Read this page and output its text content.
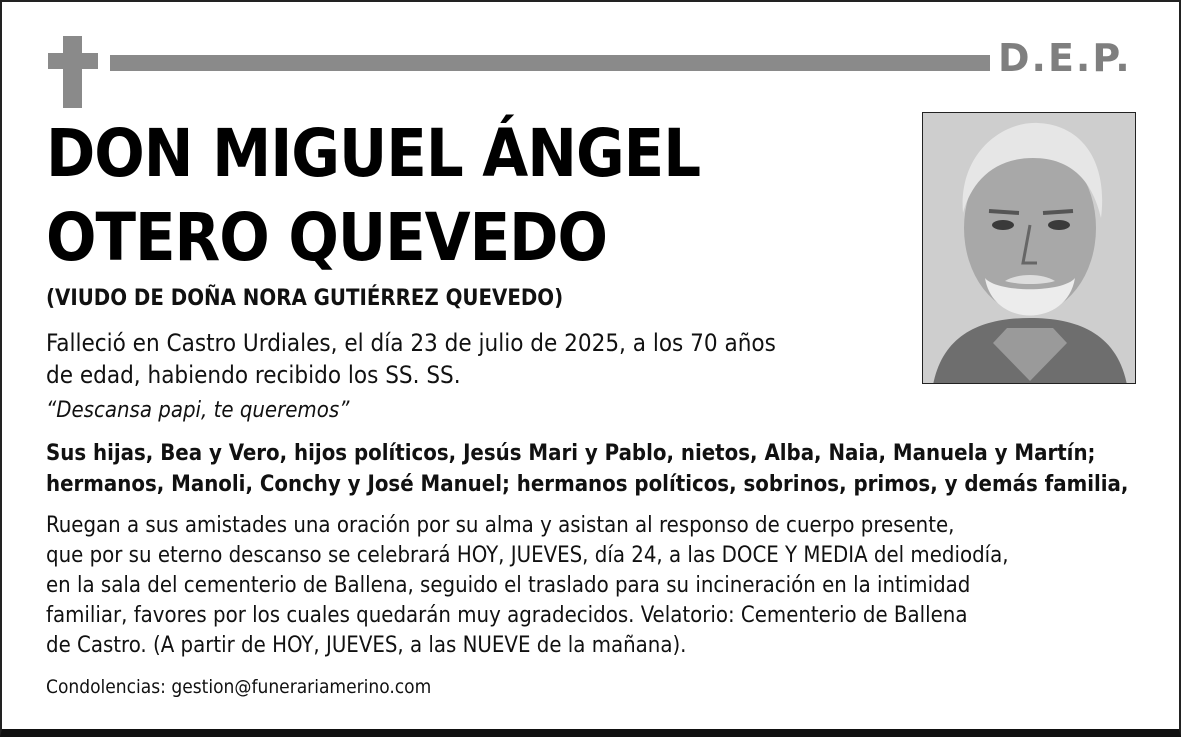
D.E.P.
DON MIGUEL ÁNGEL
OTERO QUEVEDO

(VIUDO DE DOÑA NORA GUTIÉRREZ QUEVEDO)

Falleció en Castro Urdiales, el día 23 de julio de 2025, a los 70 años
de edad, habiendo recibido los SS. SS.

“Descansa papi, te queremos”

Sus hijas, Bea y Vero, hijos políticos, Jesús Mari y Pablo, nietos, Alba, Naia, Manuela y Martín;
hermanos, Manoli, Conchy y José Manuel; hermanos políticos, sobrinos, primos, y demás familia,

Ruegan a sus amistades una oración por su alma y asistan al responso de cuerpo presente,
que por su eterno descanso se celebrará HOY, JUEVES, día 24, a las DOCE Y MEDIA del mediodía,
en la sala del cementerio de Ballena, seguido el traslado para su incineración en la intimidad
familiar, favores por los cuales quedarán muy agradecidos. Velatorio: Cementerio de Ballena
de Castro. (A partir de HOY, JUEVES, a las NUEVE de la mañana).

Condolencias: gestion@funerariamerino.com
